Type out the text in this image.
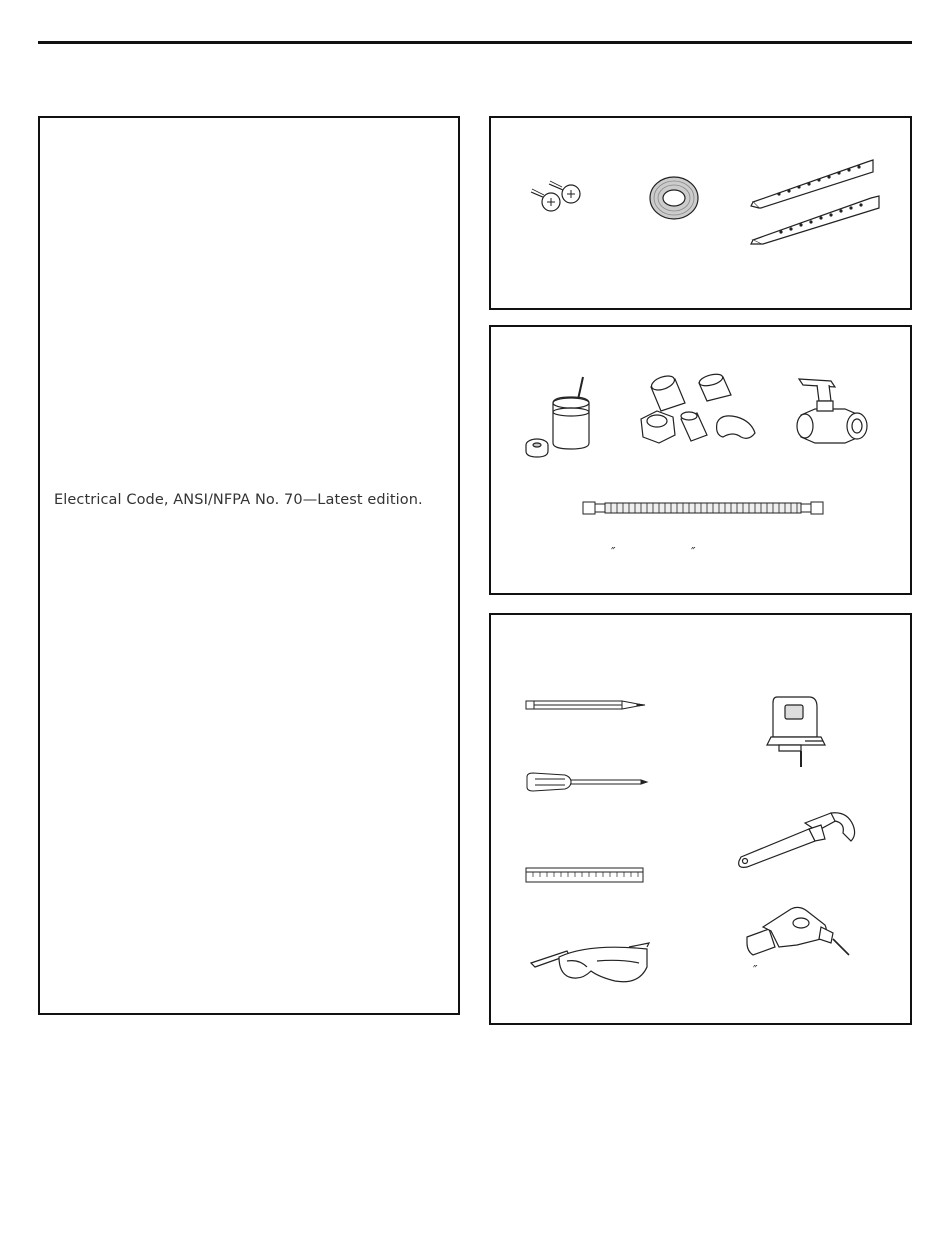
Electrical Code, ANSI/NFPA No. 70—Latest edition.
″	″
″
